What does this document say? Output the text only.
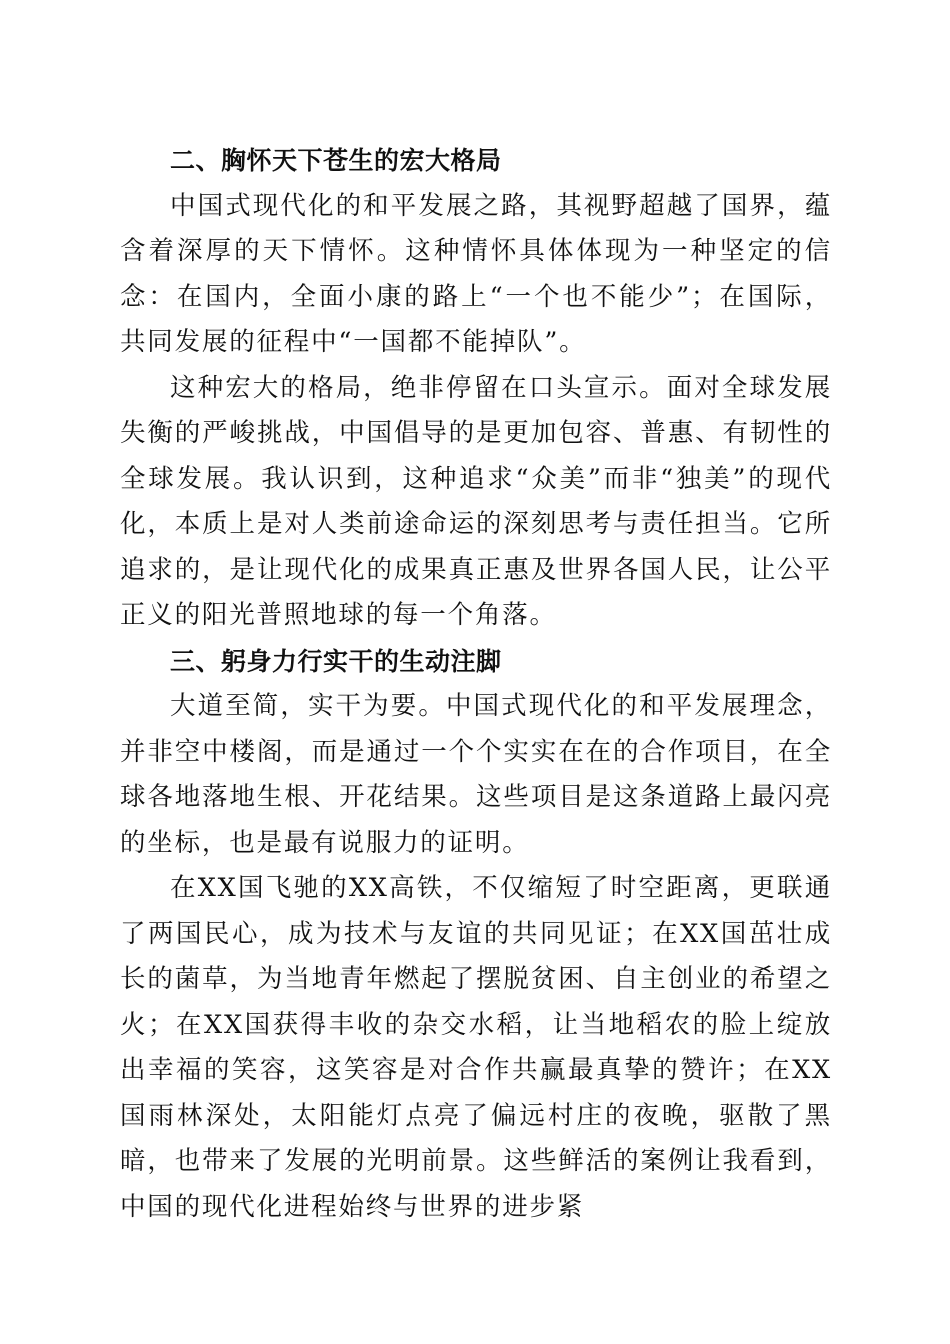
二、胸怀天下苍生的宏大格局

中国式现代化的和平发展之路，其视野超越了国界，蕴含着深厚的天下情怀。这种情怀具体体现为一种坚定的信念：在国内，全面小康的路上“一个也不能少”；在国际，共同发展的征程中“一国都不能掉队”。

这种宏大的格局，绝非停留在口头宣示。面对全球发展失衡的严峻挑战，中国倡导的是更加包容、普惠、有韧性的全球发展。我认识到，这种追求“众美”而非“独美”的现代化，本质上是对人类前途命运的深刻思考与责任担当。它所追求的，是让现代化的成果真正惠及世界各国人民，让公平正义的阳光普照地球的每一个角落。

三、躬身力行实干的生动注脚

大道至简，实干为要。中国式现代化的和平发展理念，并非空中楼阁，而是通过一个个实实在在的合作项目，在全球各地落地生根、开花结果。这些项目是这条道路上最闪亮的坐标，也是最有说服力的证明。

在XX国飞驰的XX高铁，不仅缩短了时空距离，更联通了两国民心，成为技术与友谊的共同见证；在XX国茁壮成长的菌草，为当地青年燃起了摆脱贫困、自主创业的希望之火；在XX国获得丰收的杂交水稻，让当地稻农的脸上绽放出幸福的笑容，这笑容是对合作共赢最真挚的赞许；在XX国雨林深处，太阳能灯点亮了偏远村庄的夜晚，驱散了黑暗，也带来了发展的光明前景。这些鲜活的案例让我看到，中国的现代化进程始终与世界的进步紧
